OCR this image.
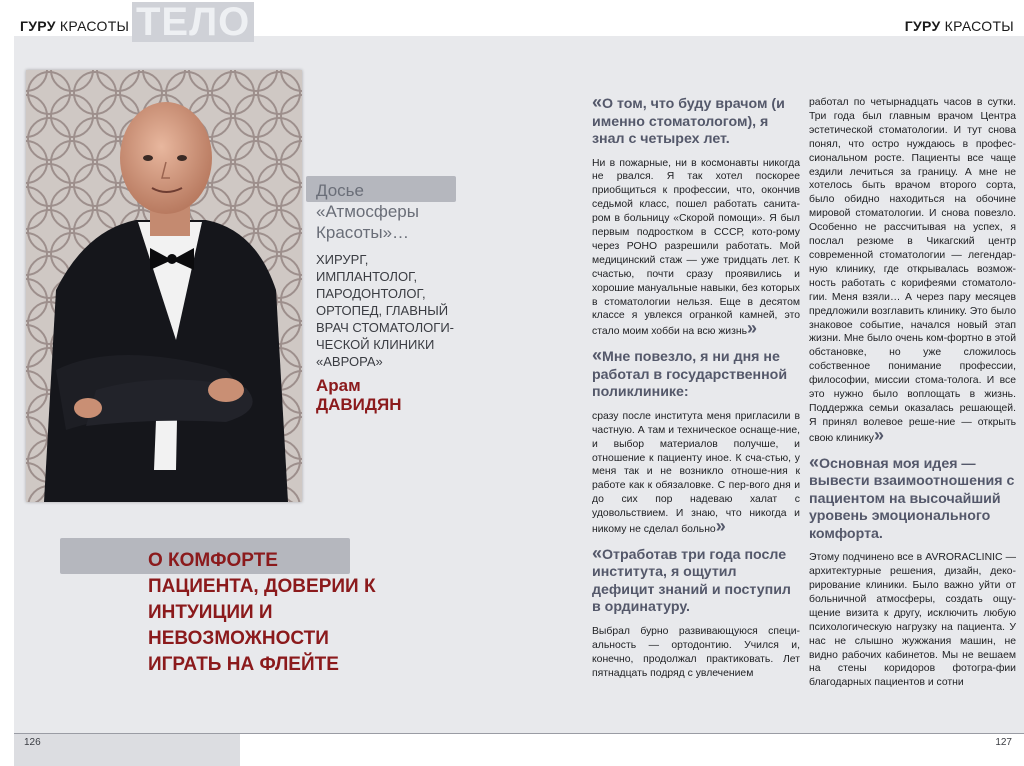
ТЕЛО
ГУРУ КРАСОТЫ	ГУРУ КРАСОТЫ
Досье «Атмосферы Красоты»…
ХИРУРГ, ИМПЛАНТОЛОГ, ПАРОДОНТОЛОГ, ОРТОПЕД, ГЛАВНЫЙ ВРАЧ СТОМАТОЛОГИ-ЧЕСКОЙ КЛИНИКИ «АВРОРА»
Арам
ДАВИДЯН
О КОМФОРТЕ ПАЦИЕНТА, ДОВЕРИИ К ИНТУИЦИИ И НЕВОЗМОЖНОСТИ ИГРАТЬ НА ФЛЕЙТЕ
«О том, что буду врачом (и именно стоматологом), я знал с четырех лет.
Ни в пожарные, ни в космонавты никогда не рвался. Я так хотел поскорее приобщиться к профессии, что, окончив седьмой класс, пошел работать санита-ром в больницу «Скорой помощи». Я был первым подростком в СССР, кото-рому через РОНО разрешили работать. Мой медицинский стаж — уже тридцать лет. К счастью, почти сразу проявились и хорошие мануальные навыки, без которых в стоматологии нельзя. Еще в десятом классе я увлекся огранкой камней, это стало моим хобби на всю жизнь»
«Мне повезло, я ни дня не работал в государственной поликлинике:
сразу после института меня пригласили в частную. А там и техническое оснаще-ние, и выбор материалов получше, и отношение к пациенту иное. К сча-стью, у меня так и не возникло отноше-ния к работе как к обязаловке. С пер-вого дня и до сих пор надеваю халат с удовольствием. И знаю, что никогда и никому не сделал больно»
«Отработав три года после института, я ощутил дефицит знаний и поступил в ординатуру.
Выбрал бурно развивающуюся специ-альность — ортодонтию. Учился и, конечно, продолжал практиковать. Лет пятнадцать подряд с увлечением
работал по четырнадцать часов в сутки. Три года был главным врачом Центра эстетической стоматологии. И тут снова понял, что остро нуждаюсь в профес-сиональном росте. Пациенты все чаще ездили лечиться за границу. А мне не хотелось быть врачом второго сорта, было обидно находиться на обочине мировой стоматологии. И снова повезло. Особенно не рассчитывая на успех, я послал резюме в Чикагский центр современной стоматологии — легендар-ную клинику, где открывалась возмож-ность работать с корифеями стоматоло-гии. Меня взяли… А через пару месяцев предложили возглавить клинику. Это было знаковое событие, начался новый этап жизни. Мне было очень ком-фортно в этой обстановке, но уже сложилось собственное понимание профессии, философии, миссии стома-толога. И все это нужно было воплощать в жизнь. Поддержка семьи оказалась решающей. Я принял волевое реше-ние — открыть свою клинику»
«Основная моя идея — вывести взаимоотношения с пациентом на высочайший уровень эмоционального комфорта.
Этому подчинено все в AVRORACLINIC — архитектурные решения, дизайн, деко-рирование клиники. Было важно уйти от больничной атмосферы, создать ощу-щение визита к другу, исключить любую психологическую нагрузку на пациента. У нас не слышно жужжания машин, не видно рабочих кабинетов. Мы не вешаем на стены коридоров фотогра-фии благодарных пациентов и сотни
126	127
